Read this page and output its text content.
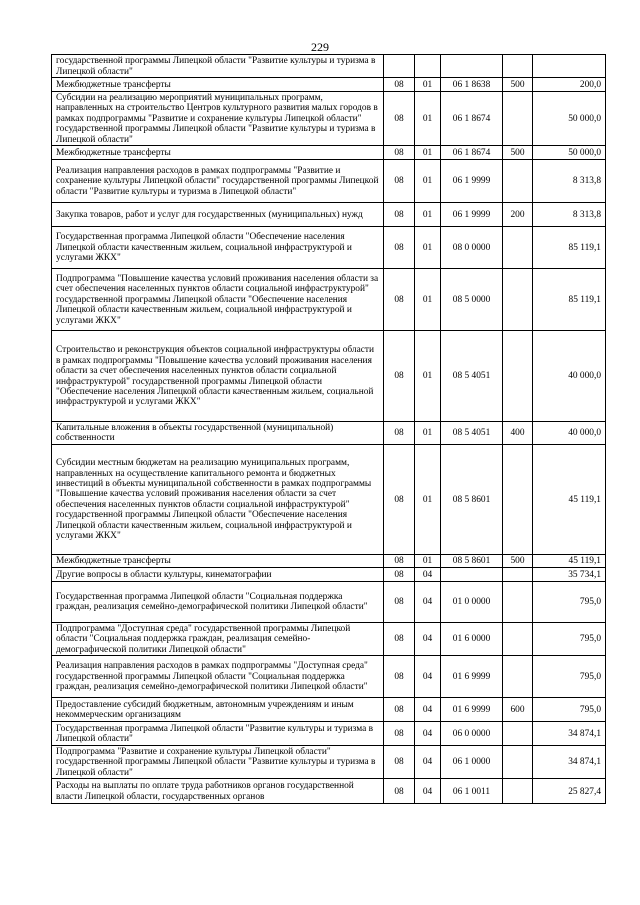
229
государственной программы Липецкой области "Развитие культуры и туризма в Липецкой области"					
Межбюджетные трансферты	08	01	06 1 8638	500	200,0
Субсидии на реализацию мероприятий муниципальных программ, направленных на строительство Центров культурного развития малых городов в рамках подпрограммы "Развитие и сохранение культуры Липецкой области" государственной программы Липецкой области "Развитие культуры и туризма в Липецкой области"	08	01	06 1 8674		50 000,0
Межбюджетные трансферты	08	01	06 1 8674	500	50 000,0
Реализация направления расходов в рамках подпрограммы "Развитие и сохранение культуры Липецкой области" государственной программы Липецкой области "Развитие культуры и туризма в Липецкой области"	08	01	06 1 9999		8 313,8
Закупка товаров, работ и услуг для государственных (муниципальных) нужд	08	01	06 1 9999	200	8 313,8
Государственная программа Липецкой области "Обеспечение населения Липецкой области качественным жильем, социальной инфраструктурой и услугами ЖКХ"	08	01	08 0 0000		85 119,1
Подпрограмма "Повышение качества условий проживания населения области за счет обеспечения населенных пунктов области социальной инфраструктурой" государственной программы Липецкой области "Обеспечение населения Липецкой области качественным жильем, социальной инфраструктурой и услугами ЖКХ"	08	01	08 5 0000		85 119,1
Строительство и реконструкция объектов социальной инфраструктуры области в рамках подпрограммы "Повышение качества условий проживания населения области за счет обеспечения населенных пунктов области социальной инфраструктурой" государственной программы Липецкой области "Обеспечение населения Липецкой области качественным жильем, социальной инфраструктурой и услугами ЖКХ"	08	01	08 5 4051		40 000,0
Капитальные вложения в объекты государственной (муниципальной) собственности	08	01	08 5 4051	400	40 000,0
Субсидии местным бюджетам на реализацию муниципальных программ, направленных на осуществление капитального ремонта и бюджетных инвестиций в объекты муниципальной собственности в рамках подпрограммы "Повышение качества условий проживания населения области за счет обеспечения населенных пунктов области социальной инфраструктурой" государственной программы Липецкой области "Обеспечение населения Липецкой области качественным жильем, социальной инфраструктурой и услугами ЖКХ"	08	01	08 5 8601		45 119,1
Межбюджетные трансферты	08	01	08 5 8601	500	45 119,1
Другие вопросы в области культуры, кинематографии	08	04			35 734,1
Государственная программа Липецкой области "Социальная поддержка граждан, реализация семейно-демографической политики Липецкой области"	08	04	01 0 0000		795,0
Подпрограмма "Доступная среда" государственной программы Липецкой области "Социальная поддержка граждан, реализация семейно-демографической политики Липецкой области"	08	04	01 6 0000		795,0
Реализация направления расходов в рамках подпрограммы "Доступная среда" государственной программы Липецкой области "Социальная поддержка граждан, реализация семейно-демографической политики Липецкой области"	08	04	01 6 9999		795,0
Предоставление субсидий бюджетным, автономным учреждениям и иным некоммерческим организациям	08	04	01 6 9999	600	795,0
Государственная программа Липецкой области "Развитие культуры и туризма в Липецкой области"	08	04	06 0 0000		34 874,1
Подпрограмма "Развитие и сохранение культуры Липецкой области" государственной программы Липецкой области "Развитие культуры и туризма в Липецкой области"	08	04	06 1 0000		34 874,1
Расходы на выплаты по оплате труда работников органов государственной власти Липецкой области, государственных органов	08	04	06 1 0011		25 827,4
